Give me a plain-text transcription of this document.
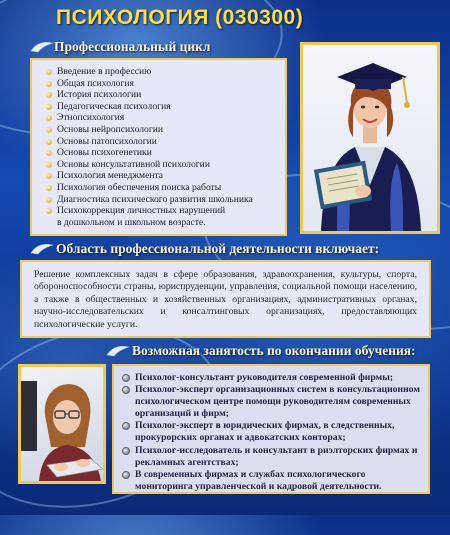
ПСИХОЛОГИЯ (030300)
Профессиональный цикл
Введение в профессию
Общая психология
История психологии
Педагогическая психология
Этнопсихология
Основы нейропсихологии
Основы патопсихологии
Основы психогенетики
Основы консультативной психологии
Психология менеджмента
Психология обеспечения поиска работы
Диагностика психического развития школьника
Психокоррекция личностных нарушений
в дошкольном и школьном возрасте.
Область профессиональной деятельности включает:
Решение комплексных задач в сфере образования, здравоохранения, культуры, спорта, обороноспособности страны, юриспруденции, управления, социальной помощи населению, а также в общественных и хозяйственных организациях, административных органах, научно-исследовательских и консалтинговых организациях, предоставляющих психологические услуги.
Возможная занятость по окончании обучения:
Психолог-консультант руководителя современной фирмы;
Психолог-эксперт организационных систем в консультационном психологическом центре помощи руководителям современных организаций и фирм;
Психолог-эксперт в юридических фирмах, в следственных, прокурорских органах и адвокатских конторах;
Психолог-исследователь и консультант в риэлторских фирмах и рекламных агентствах;
В современных фирмах и службах психологического мониторинга управленческой и кадровой деятельности.
